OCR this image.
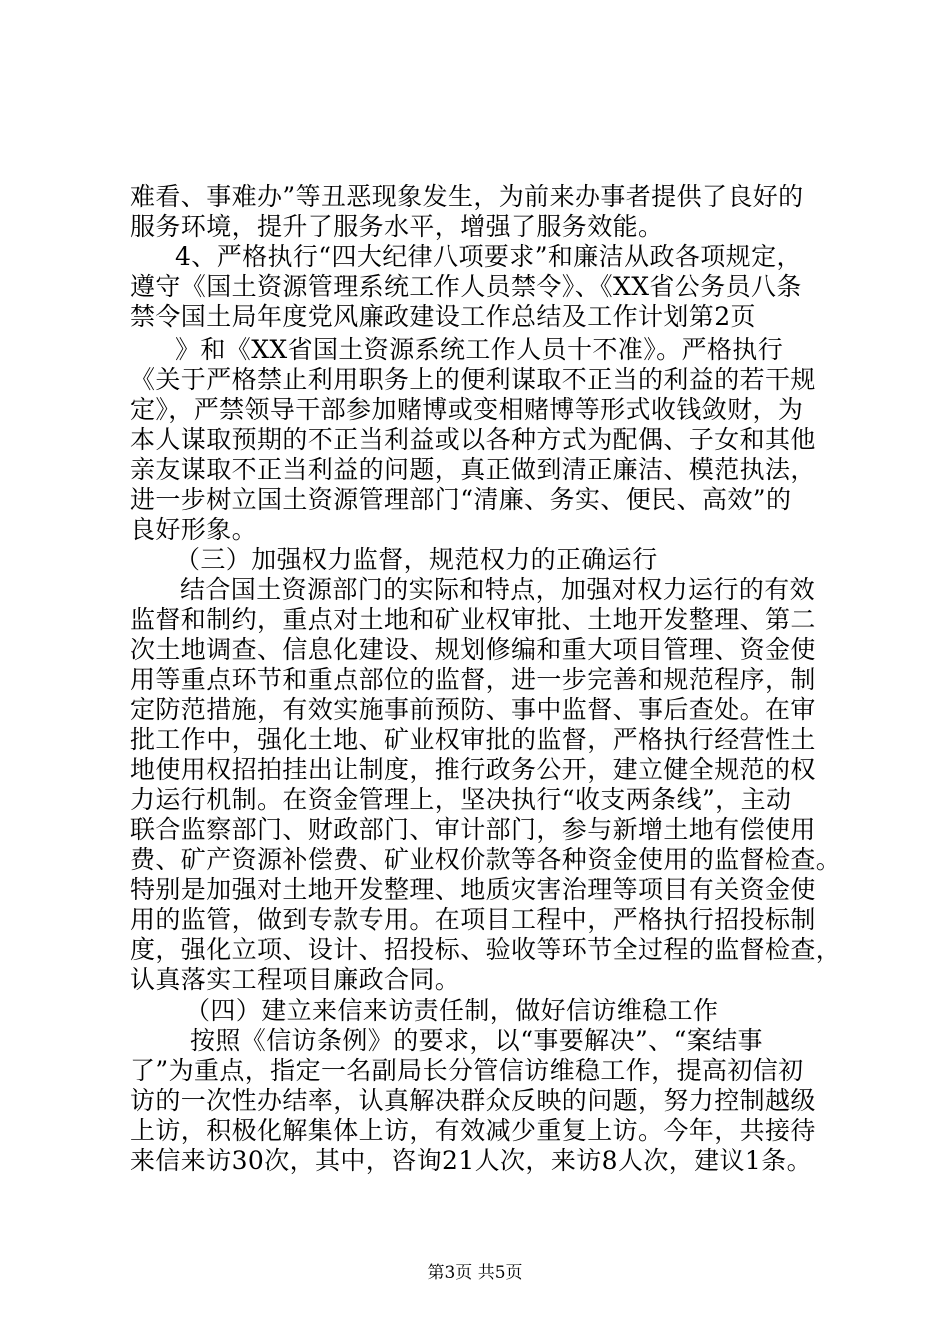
难看、事难办”等丑恶现象发生，为前来办事者提供了良好的
服务环境，提升了服务水平，增强了服务效能。
4、严格执行“四大纪律八项要求”和廉洁从政各项规定，
遵守《国土资源管理系统工作人员禁令》、《XX省公务员八条
禁令国土局年度党风廉政建设工作总结及工作计划第2页
》和《XX省国土资源系统工作人员十不准》。严格执行
《关于严格禁止利用职务上的便利谋取不正当的利益的若干规
定》，严禁领导干部参加赌博或变相赌博等形式收钱敛财，为
本人谋取预期的不正当利益或以各种方式为配偶、子女和其他
亲友谋取不正当利益的问题，真正做到清正廉洁、模范执法，
进一步树立国土资源管理部门“清廉、务实、便民、高效”的
良好形象。
（三）加强权力监督，规范权力的正确运行
结合国土资源部门的实际和特点，加强对权力运行的有效
监督和制约，重点对土地和矿业权审批、土地开发整理、第二
次土地调查、信息化建设、规划修编和重大项目管理、资金使
用等重点环节和重点部位的监督，进一步完善和规范程序，制
定防范措施，有效实施事前预防、事中监督、事后查处。在审
批工作中，强化土地、矿业权审批的监督，严格执行经营性土
地使用权招拍挂出让制度，推行政务公开，建立健全规范的权
力运行机制。在资金管理上，坚决执行“收支两条线”，主动
联合监察部门、财政部门、审计部门，参与新增土地有偿使用
费、矿产资源补偿费、矿业权价款等各种资金使用的监督检查。
特别是加强对土地开发整理、地质灾害治理等项目有关资金使
用的监管，做到专款专用。在项目工程中，严格执行招投标制
度，强化立项、设计、招投标、验收等环节全过程的监督检查，
认真落实工程项目廉政合同。
（四）建立来信来访责任制，做好信访维稳工作
按照《信访条例》的要求，以“事要解决”、“案结事
了”为重点，指定一名副局长分管信访维稳工作，提高初信初
访的一次性办结率，认真解决群众反映的问题，努力控制越级
上访，积极化解集体上访，有效减少重复上访。今年，共接待
来信来访30次，其中，咨询21人次，来访8人次，建议1条。
第3页 共5页
